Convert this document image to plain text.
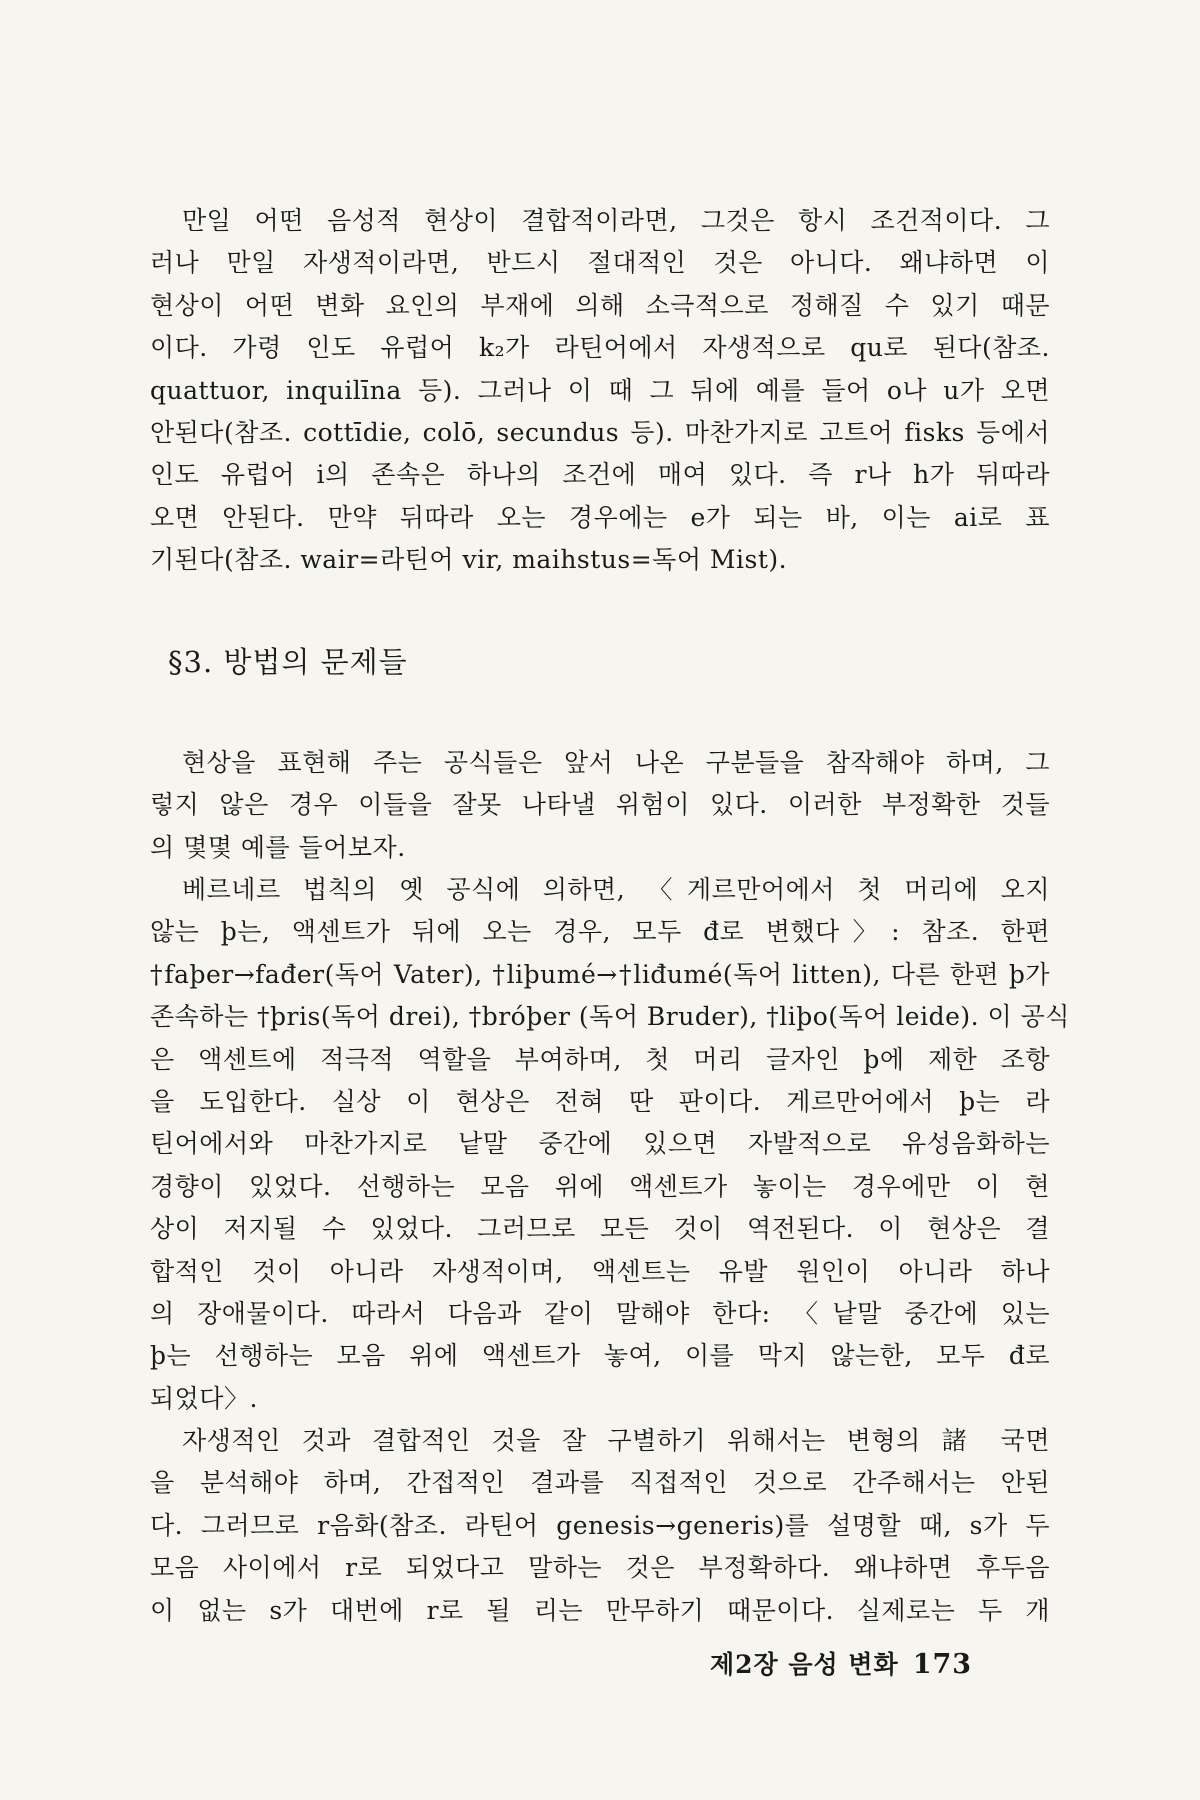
만일 어떤 음성적 현상이 결합적이라면, 그것은 항시 조건적이다. 그

러나 만일 자생적이라면, 반드시 절대적인 것은 아니다. 왜냐하면 이

현상이 어떤 변화 요인의 부재에 의해 소극적으로 정해질 수 있기 때문

이다. 가령 인도 유럽어 k₂가 라틴어에서 자생적으로 qu로 된다(참조.

quattuor, inquilīna 등). 그러나 이 때 그 뒤에 예를 들어 o나 u가 오면

안된다(참조. cottīdie, colō, secundus 등). 마찬가지로 고트어 fisks 등에서

인도 유럽어 i의 존속은 하나의 조건에 매여 있다. 즉 r나 h가 뒤따라

오면 안된다. 만약 뒤따라 오는 경우에는 e가 되는 바, 이는 ai로 표

기된다(참조. wair=라틴어 vir, maihstus=독어 Mist).

§3. 방법의 문제들

현상을 표현해 주는 공식들은 앞서 나온 구분들을 참작해야 하며, 그

렇지 않은 경우 이들을 잘못 나타낼 위험이 있다. 이러한 부정확한 것들

의 몇몇 예를 들어보자.

베르네르 법칙의 옛 공식에 의하면, 〈게르만어에서 첫 머리에 오지

않는 þ는, 액센트가 뒤에 오는 경우, 모두 đ로 변했다〉: 참조. 한편

†faþer→fađer(독어 Vater), †liþumé→†liđumé(독어 litten), 다른 한편 þ가

존속하는 †þris(독어 drei), †bróþer (독어 Bruder), †liþo(독어 leide). 이 공식

은 액센트에 적극적 역할을 부여하며, 첫 머리 글자인 þ에 제한 조항

을 도입한다. 실상 이 현상은 전혀 딴 판이다. 게르만어에서 þ는 라

틴어에서와 마찬가지로 낱말 중간에 있으면 자발적으로 유성음화하는

경향이 있었다. 선행하는 모음 위에 액센트가 놓이는 경우에만 이 현

상이 저지될 수 있었다. 그러므로 모든 것이 역전된다. 이 현상은 결

합적인 것이 아니라 자생적이며, 액센트는 유발 원인이 아니라 하나

의 장애물이다. 따라서 다음과 같이 말해야 한다: 〈낱말 중간에 있는

þ는 선행하는 모음 위에 액센트가 놓여, 이를 막지 않는한, 모두 đ로

되었다〉.

자생적인 것과 결합적인 것을 잘 구별하기 위해서는 변형의 諸 국면

을 분석해야 하며, 간접적인 결과를 직접적인 것으로 간주해서는 안된

다. 그러므로 r음화(참조. 라틴어 genesis→generis)를 설명할 때, s가 두

모음 사이에서 r로 되었다고 말하는 것은 부정확하다. 왜냐하면 후두음

이 없는 s가 대번에 r로 될 리는 만무하기 때문이다. 실제로는 두 개

제2장 음성 변화 173
